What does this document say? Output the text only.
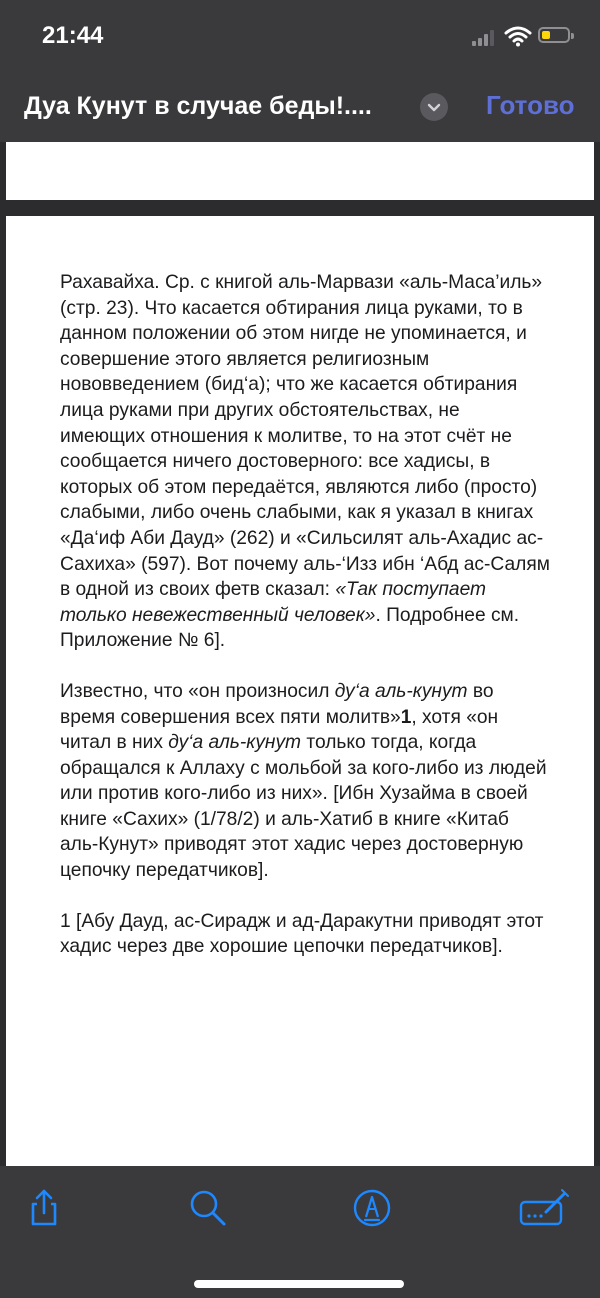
21:44
Дуа Кунут в случае беды!....	Готово

Рахавайха. Ср. с книгой аль-Марвази «аль-Маса’иль» (стр. 23). Что касается обтирания лица руками, то в данном положении об этом нигде не упоминается, и совершение этого является религиозным нововведением (бид‘а); что же касается обтирания лица руками при других обстоятельствах, не имеющих отношения к молитве, то на этот счёт не сообщается ничего достоверного: все хадисы, в которых об этом передаётся, являются либо (просто) слабыми, либо очень слабыми, как я указал в книгах «Да‘иф Аби Дауд» (262) и «Сильсилят аль-Ахадис ас-Сахиха» (597). Вот почему аль-‘Изз ибн ‘Абд ас-Салям в одной из своих фетв сказал: «Так поступает только невежественный человек». Подробнее см. Приложение № 6].

Известно, что «он произносил ду‘а аль-кунут во время совершения всех пяти молитв»1, хотя «он читал в них ду‘а аль-кунут только тогда, когда обращался к Аллаху с мольбой за кого-либо из людей или против кого-либо из них». [Ибн Хузайма в своей книге «Сахих» (1/78/2) и аль-Хатиб в книге «Китаб аль-Кунут» приводят этот хадис через достоверную цепочку передатчиков].

1 [Абу Дауд, ас-Сирадж и ад-Даракутни приводят этот хадис через две хорошие цепочки передатчиков].
